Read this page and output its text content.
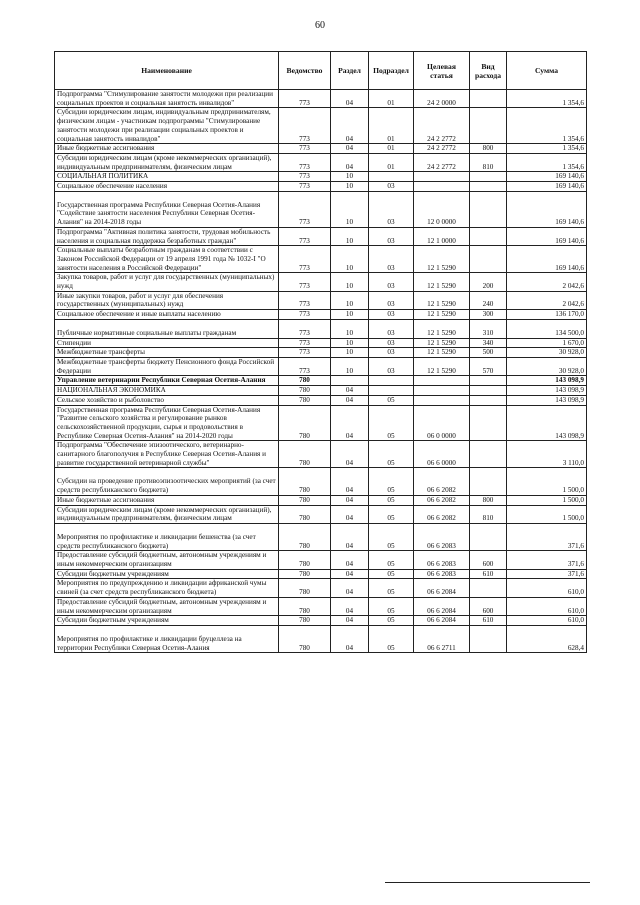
60
Наименование	Ведомство	Раздел	Подраздел	Целевая статья	Вид расхода	Сумма
Подпрограмма "Стимулирование занятости молодежи при реализации социальных проектов и социальная занятость инвалидов"	773	04	01	24 2 0000		1 354,6
Субсидии юридическим лицам, индивидуальным предпринимателям, физическим лицам - участникам подпрограммы "Стимулирование занятости молодежи при реализации социальных проектов и социальная занятость инвалидов"	773	04	01	24 2 2772		1 354,6
Иные бюджетные ассигнования	773	04	01	24 2 2772	800	1 354,6
Субсидии юридическим лицам (кроме некоммерческих организаций), индивидуальным предпринимателям, физическим лицам	773	04	01	24 2 2772	810	1 354,6
СОЦИАЛЬНАЯ ПОЛИТИКА	773	10				169 140,6
Социальное обеспечение населения	773	10	03			169 140,6

Государственная программа Республики Северная Осетия-Алания "Содействие занятости населения Республики Северная Осетия-Алания" на 2014-2018 годы	773	10	03	12 0 0000		169 140,6
Подпрограмма "Активная политика занятости, трудовая мобильность населения и социальная поддержка безработных граждан"	773	10	03	12 1 0000		169 140,6
Социальные выплаты безработным гражданам в соответствии с Законом Российской Федерации от 19 апреля 1991 года № 1032-I "О занятости населения в Российской Федерации"	773	10	03	12 1 5290		169 140,6
Закупка товаров, работ и услуг для государственных (муниципальных) нужд	773	10	03	12 1 5290	200	2 042,6
Иные закупки товаров, работ и услуг для обеспечения государственных (муниципальных) нужд	773	10	03	12 1 5290	240	2 042,6
Социальное обеспечение и иные выплаты населению	773	10	03	12 1 5290	300	136 170,0

Публичные нормативные социальные выплаты гражданам	773	10	03	12 1 5290	310	134 500,0
Стипендии	773	10	03	12 1 5290	340	1 670,0
Межбюджетные трансферты	773	10	03	12 1 5290	500	30 928,0
Межбюджетные трансферты бюджету Пенсионного фонда Российской Федерации	773	10	03	12 1 5290	570	30 928,0
Управление ветеринарии Республики Северная Осетия-Алания	780					143 098,9
НАЦИОНАЛЬНАЯ ЭКОНОМИКА	780	04				143 098,9
Сельское хозяйство и рыболовство	780	04	05			143 098,9
Государственная программа Республики Северная Осетия-Алания "Развитие сельского хозяйства и регулирование рынков сельскохозяйственной продукции, сырья и продовольствия в Республике Северная Осетия-Алания" на 2014-2020 годы	780	04	05	06 0 0000		143 098,9
Подпрограмма "Обеспечение эпизоотического, ветеринарно-санитарного благополучия в Республике Северная Осетия-Алания и развитие государственной ветеринарной службы"	780	04	05	06 6 0000		3 110,0

Субсидии на проведение противоэпизоотических мероприятий (за счет средств республиканского бюджета)	780	04	05	06 6 2082		1 500,0
Иные бюджетные ассигнования	780	04	05	06 6 2082	800	1 500,0
Субсидии юридическим лицам (кроме некоммерческих организаций), индивидуальным предпринимателям, физическим лицам	780	04	05	06 6 2082	810	1 500,0

Мероприятия по профилактике и ликвидации бешенства (за счет средств республиканского бюджета)	780	04	05	06 6 2083		371,6
Предоставление субсидий бюджетным, автономным учреждениям и иным некоммерческим организациям	780	04	05	06 6 2083	600	371,6
Субсидии бюджетным учреждениям	780	04	05	06 6 2083	610	371,6
Мероприятия по предупреждению и ликвидации африканской чумы свиней (за счет средств республиканского бюджета)	780	04	05	06 6 2084		610,0
Предоставление субсидий бюджетным, автономным учреждениям и иным некоммерческим организациям	780	04	05	06 6 2084	600	610,0
Субсидии бюджетным учреждениям	780	04	05	06 6 2084	610	610,0

Мероприятия по профилактике и ликвидации бруцеллеза на территории Республики Северная Осетия-Алания	780	04	05	06 6 2711		628,4
